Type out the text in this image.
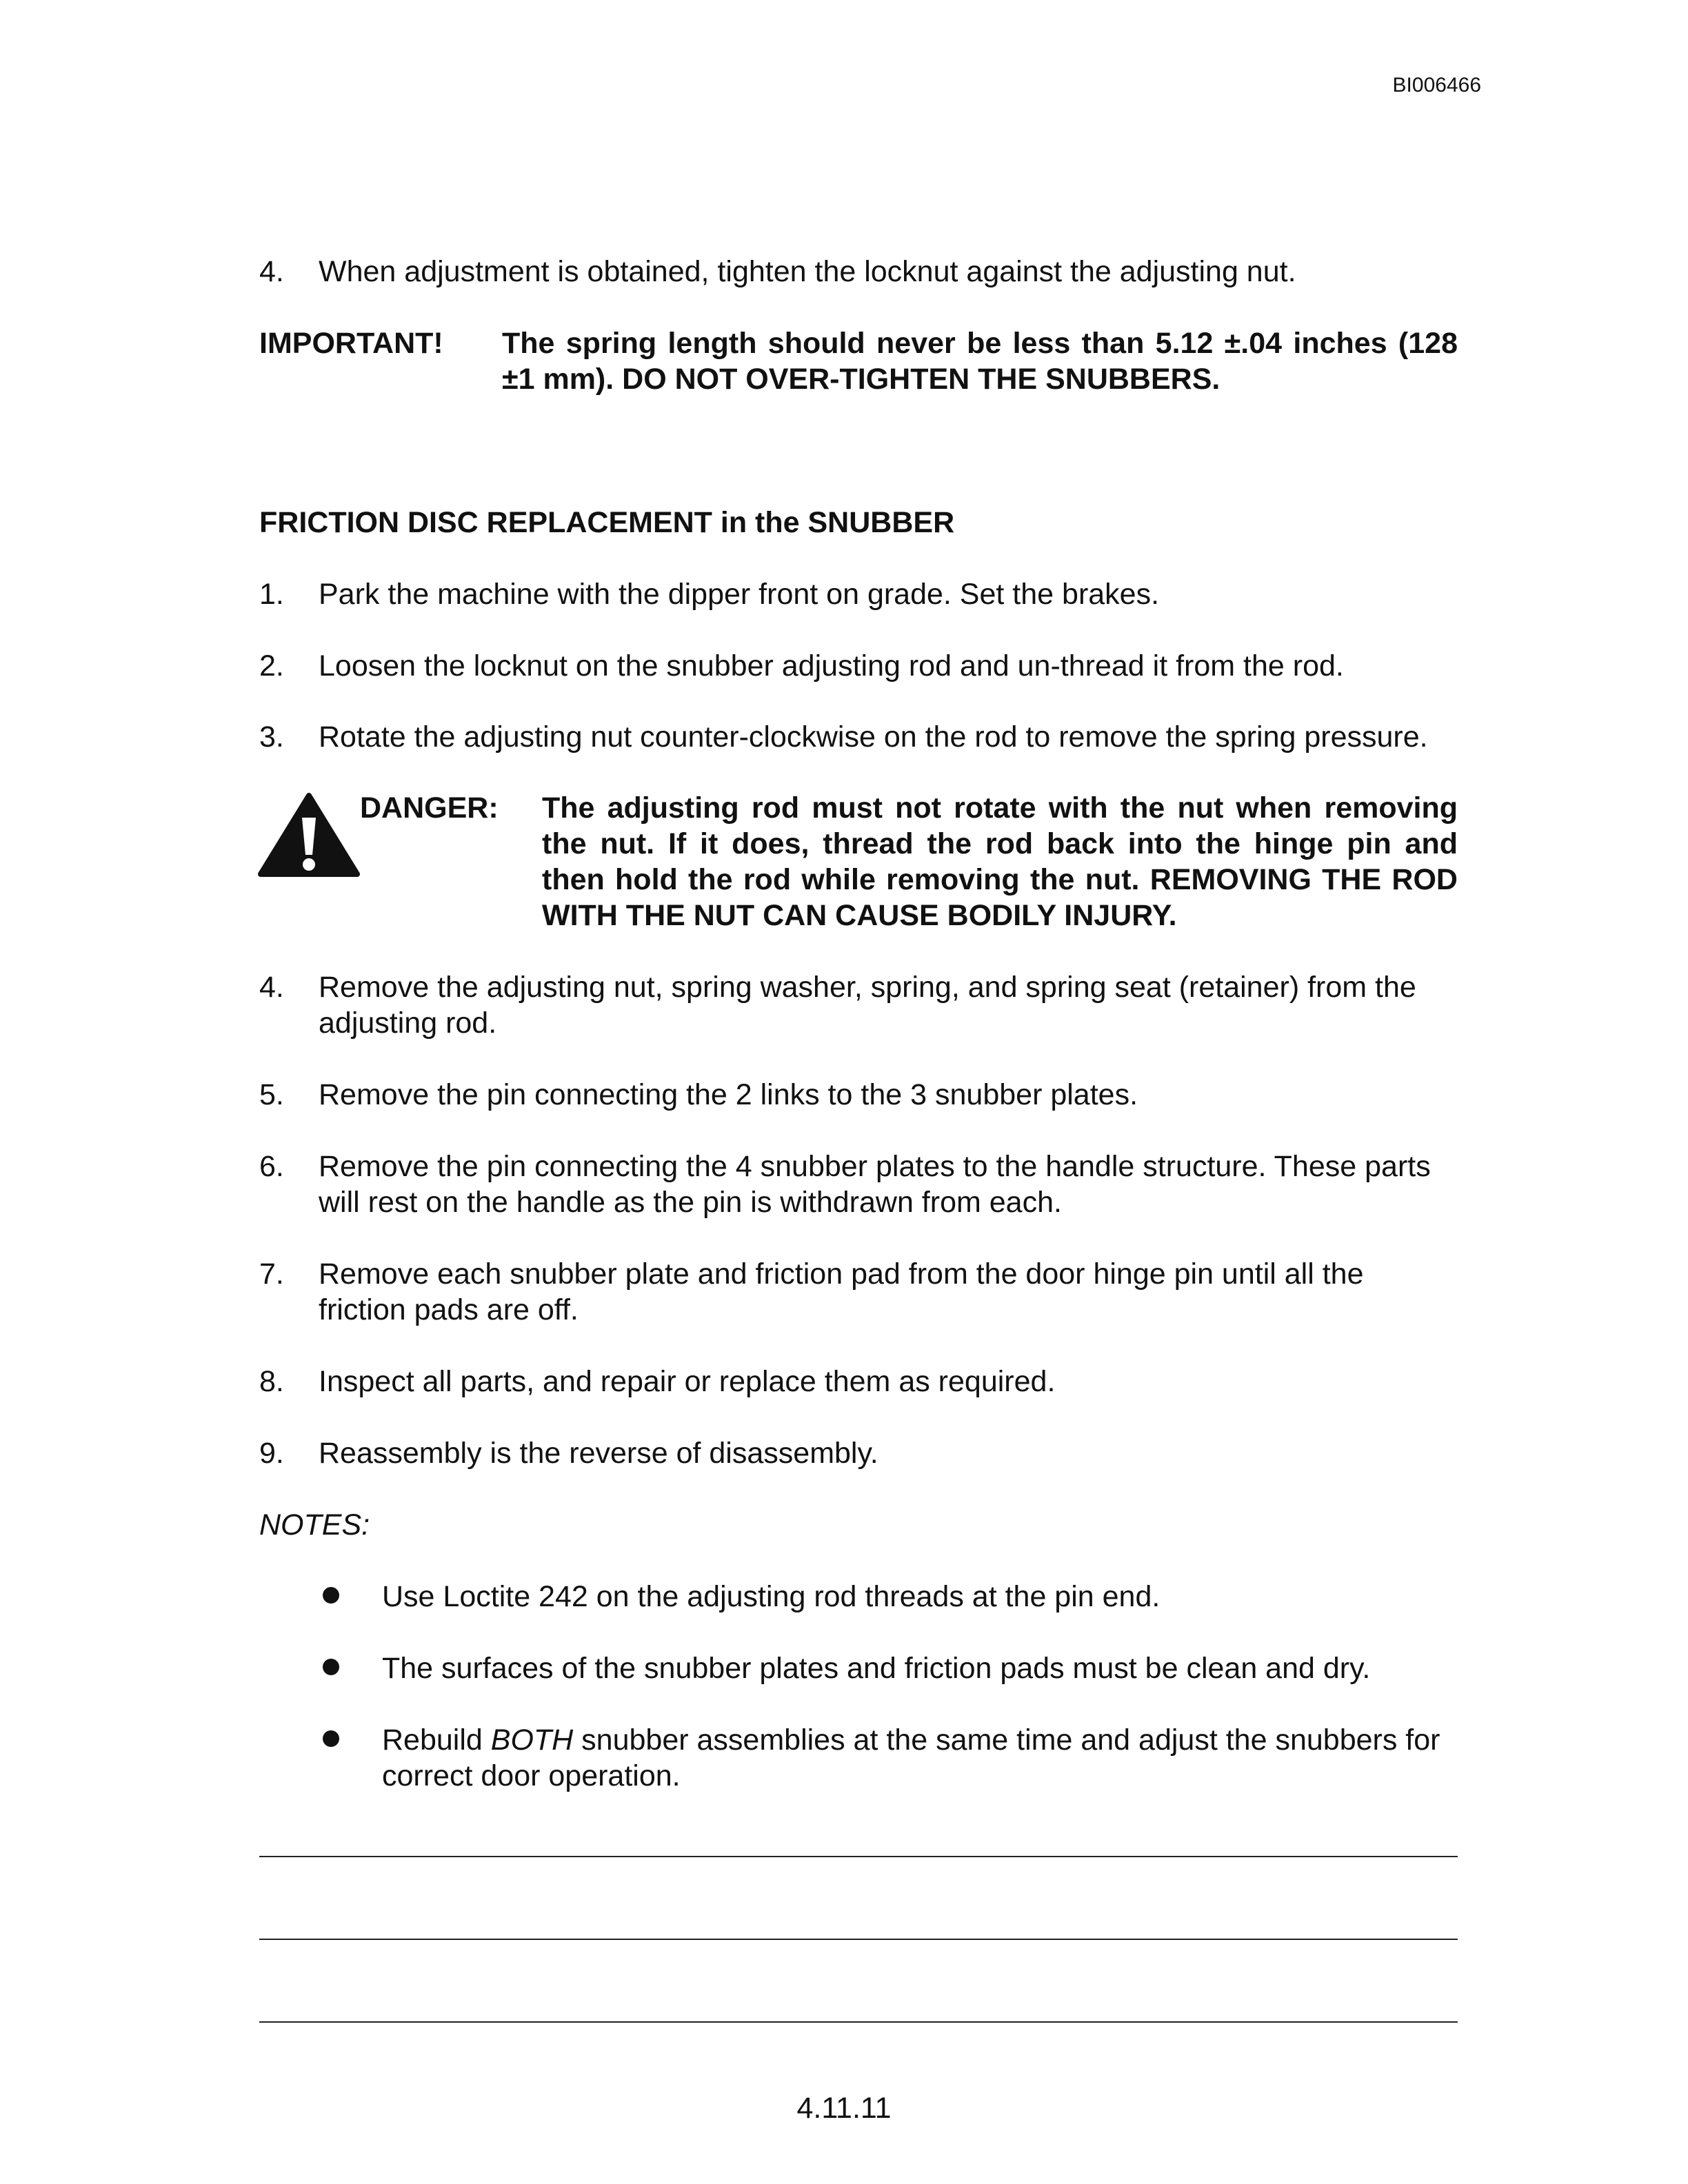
BI006466
4.	When adjustment is obtained, tighten the locknut against the adjusting nut.
IMPORTANT! The spring length should never be less than 5.12 ±.04 inches (128 ±1 mm). DO NOT OVER-TIGHTEN THE SNUBBERS.
FRICTION DISC REPLACEMENT in the SNUBBER
1.	Park the machine with the dipper front on grade. Set the brakes.
2.	Loosen the locknut on the snubber adjusting rod and un-thread it from the rod.
3.	Rotate the adjusting nut counter-clockwise on the rod to remove the spring pressure.
DANGER: The adjusting rod must not rotate with the nut when removing the nut. If it does, thread the rod back into the hinge pin and then hold the rod while removing the nut. REMOVING THE ROD WITH THE NUT CAN CAUSE BODILY INJURY.
4.	Remove the adjusting nut, spring washer, spring, and spring seat (retainer) from the adjusting rod.
5.	Remove the pin connecting the 2 links to the 3 snubber plates.
6.	Remove the pin connecting the 4 snubber plates to the handle structure. These parts will rest on the handle as the pin is withdrawn from each.
7.	Remove each snubber plate and friction pad from the door hinge pin until all the friction pads are off.
8.	Inspect all parts, and repair or replace them as required.
9.	Reassembly is the reverse of disassembly.
NOTES:
Use Loctite 242 on the adjusting rod threads at the pin end.
The surfaces of the snubber plates and friction pads must be clean and dry.
Rebuild BOTH snubber assemblies at the same time and adjust the snubbers for correct door operation.
4.11.11
